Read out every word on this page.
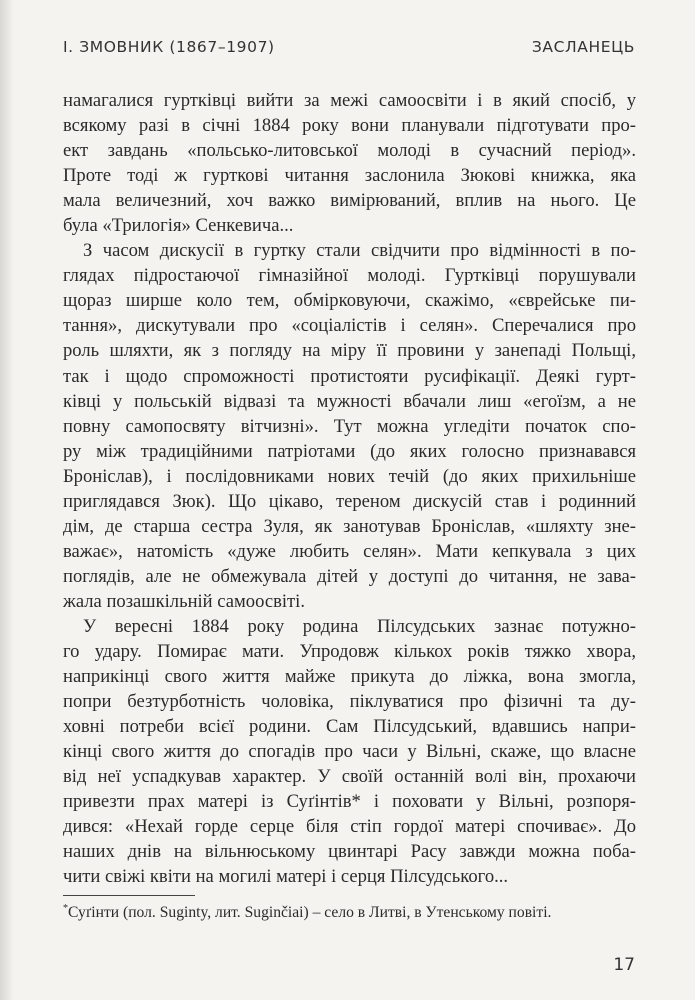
І. ЗМОВНИК (1867–1907)	ЗАСЛАНЕЦЬ
намагалися гуртківці вийти за межі самоосвіти і в який спосіб, у
всякому разі в січні 1884 року вони планували підготувати про-
ект завдань «польсько-литовської молоді в сучасний період».
Проте тоді ж гурткові читання заслонила Зюкові книжка, яка
мала величезний, хоч важко вимірюваний, вплив на нього. Це
була «Трилогія» Сенкевича...
З часом дискусії в гуртку стали свідчити про відмінності в по-
глядах підростаючої гімназійної молоді. Гуртківці порушували
щораз ширше коло тем, обмірковуючи, скажімо, «єврейське пи-
тання», дискутували про «соціалістів і селян». Сперечалися про
роль шляхти, як з погляду на міру її провини у занепаді Польщі,
так і щодо спроможності протистояти русифікації. Деякі гурт-
ківці у польській відвазі та мужності вбачали лиш «егоїзм, а не
повну самопосвяту вітчизні». Тут можна угледіти початок спо-
ру між традиційними патріотами (до яких голосно признавався
Броніслав), і послідовниками нових течій (до яких прихильніше
приглядався Зюк). Що цікаво, тереном дискусій став і родинний
дім, де старша сестра Зуля, як занотував Броніслав, «шляхту зне-
важає», натомість «дуже любить селян». Мати кепкувала з цих
поглядів, але не обмежувала дітей у доступі до читання, не зава-
жала позашкільній самоосвіті.
У вересні 1884 року родина Пілсудських зазнає потужно-
го удару. Помирає мати. Упродовж кількох років тяжко хвора,
наприкінці свого життя майже прикута до ліжка, вона змогла,
попри безтурботність чоловіка, піклуватися про фізичні та ду-
ховні потреби всієї родини. Сам Пілсудський, вдавшись напри-
кінці свого життя до спогадів про часи у Вільні, скаже, що власне
від неї успадкував характер. У своїй останній волі він, прохаючи
привезти прах матері із Суґінтів* і поховати у Вільні, розпоря-
дився: «Нехай горде серце біля стіп гордої матері спочиває». До
наших днів на вільнюському цвинтарі Расу завжди можна поба-
чити свіжі квіти на могилі матері і серця Пілсудського...
*Суґінти (пол. Suginty, лит. Suginčiai) – село в Литві, в Утенському повіті.
17
